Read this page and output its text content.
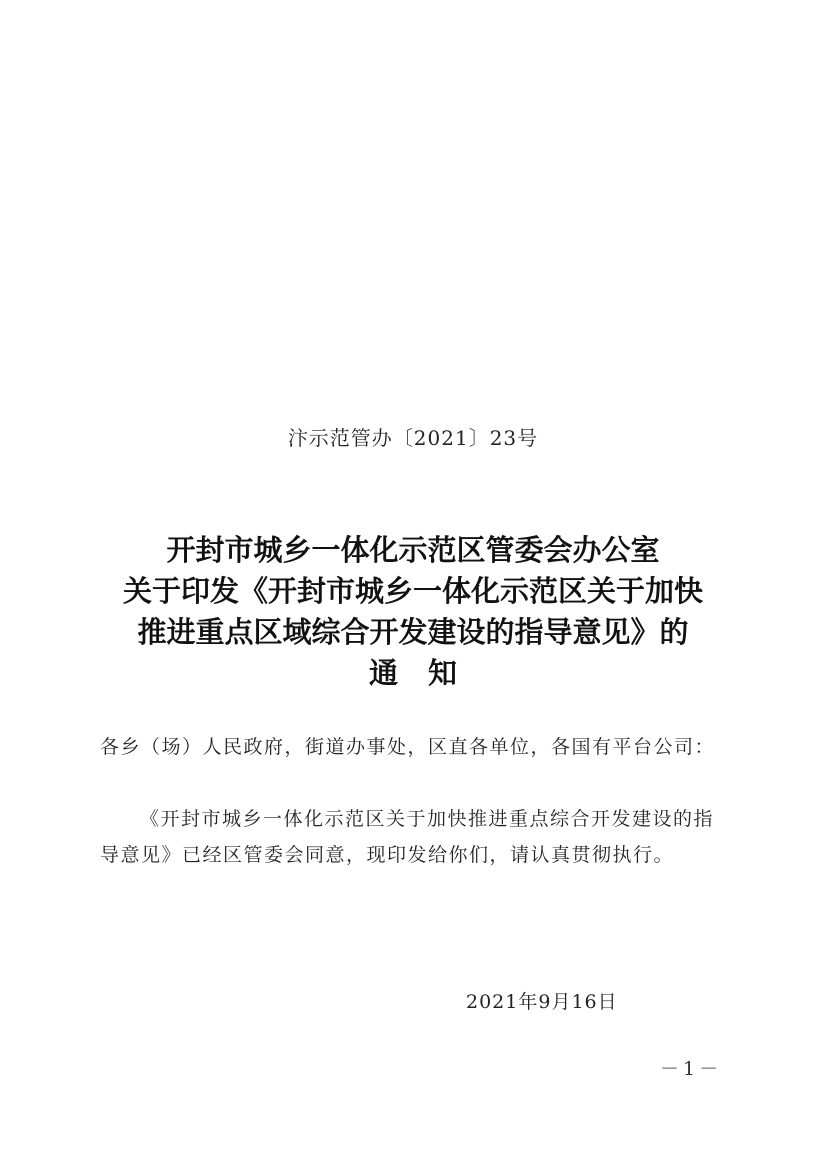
汴示范管办〔2021〕23号
开封市城乡一体化示范区管委会办公室
关于印发《开封市城乡一体化示范区关于加快
推进重点区域综合开发建设的指导意见》的
通知
各乡（场）人民政府，街道办事处，区直各单位，各国有平台公司：
《开封市城乡一体化示范区关于加快推进重点综合开发建设的指导意见》已经区管委会同意，现印发给你们，请认真贯彻执行。
2021年9月16日
－1－
